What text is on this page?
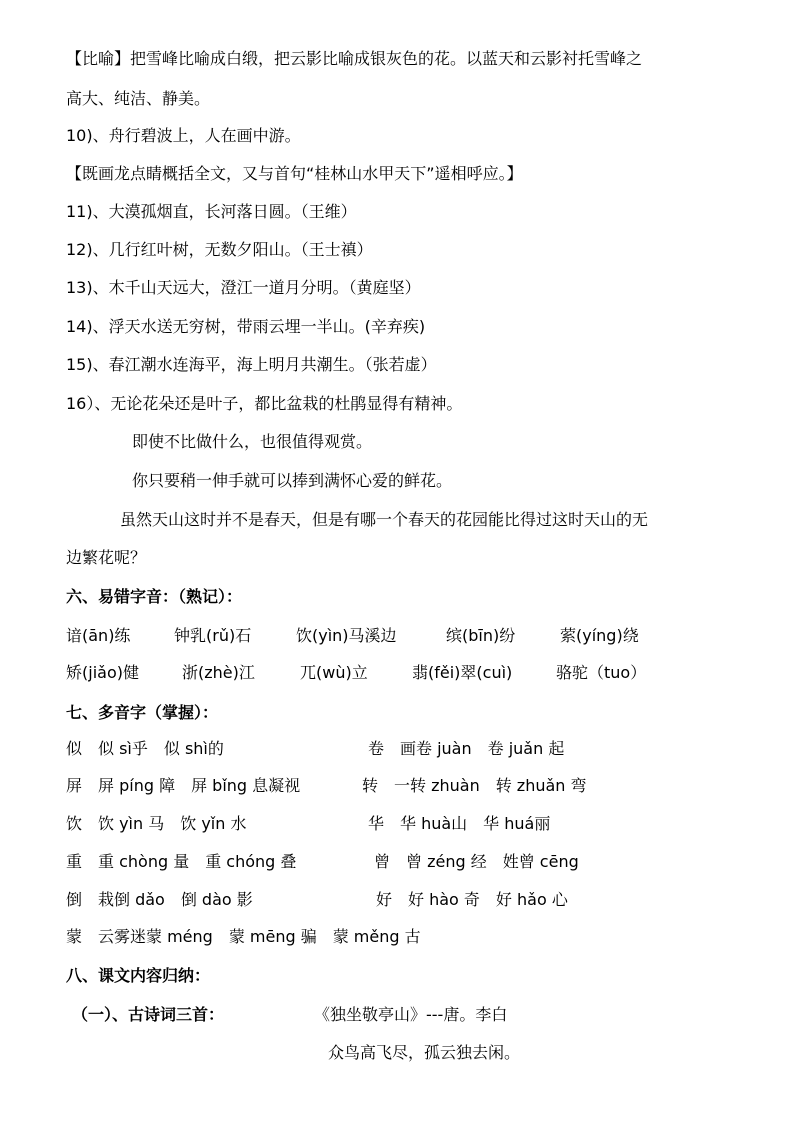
【比喻】把雪峰比喻成白缎，把云影比喻成银灰色的花。以蓝天和云影衬托雪峰之
高大、纯洁、静美。
10)、舟行碧波上，人在画中游。
【既画龙点睛概括全文，又与首句“桂林山水甲天下”遥相呼应。】
11)、大漠孤烟直，长河落日圆。（王维）
12)、几行红叶树，无数夕阳山。（王士禛）
13)、木千山天远大，澄江一道月分明。（黄庭坚）
14)、浮天水送无穷树，带雨云埋一半山。(辛弃疾)
15)、春江潮水连海平，海上明月共潮生。（张若虚）
16）、无论花朵还是叶子，都比盆栽的杜鹃显得有精神。
即使不比做什么，也很值得观赏。
你只要稍一伸手就可以捧到满怀心爱的鲜花。
虽然天山这时并不是春天，但是有哪一个春天的花园能比得过这时天山的无
边繁花呢？
六、易错字音：（熟记）：
谙(ān)练	钟乳(rǔ)石	饮(yìn)马溪边	缤(bīn)纷	萦(yíng)绕
矫(jiǎo)健	浙(zhè)江	兀(wù)立	翡(fěi)翠(cuì)	骆驼（tuo）
七、多音字（掌握）：
似　似 sì乎　似 shì的	卷　画卷 juàn　卷 juǎn 起
屏　屏 píng 障　屏 bǐng 息凝视	转　一转 zhuàn　转 zhuǎn 弯
饮　饮 yìn 马　饮 yǐn 水	华　华 huà山　华 huá丽
重　重 chòng 量　重 chóng 叠	曾　曾 zéng 经　姓曾 cēng
倒　栽倒 dǎo　倒 dào 影	好　好 hào 奇　好 hǎo 心
蒙　云雾迷蒙 méng　蒙 mēng 骗　蒙 měng 古
八、课文内容归纳：
（一）、古诗词三首：	《独坐敬亭山》---唐。李白
众鸟高飞尽，孤云独去闲。
